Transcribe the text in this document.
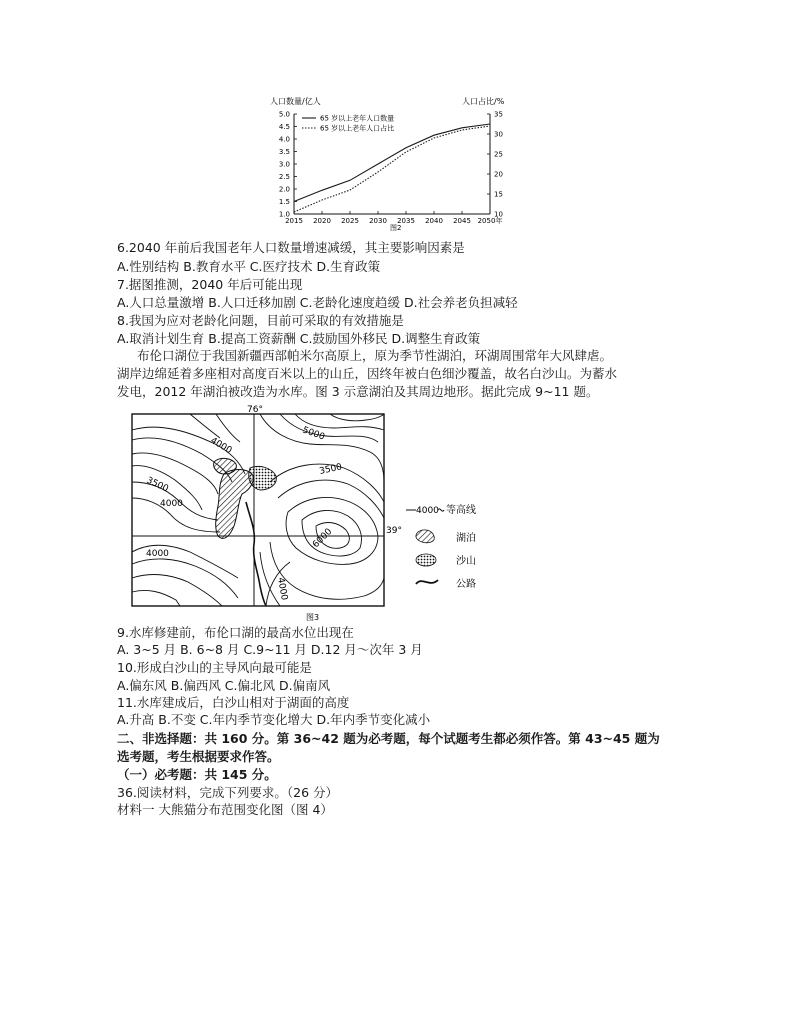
人口数量/亿人	人口占比/%
图2
1.0
1.5
2.0
2.5
3.0
3.5
4.0
4.5
5.0
10
15
20
25
30
35
2015 2020 2025 2030 2035 2040 2045 2050年
65 岁以上老年人口数量
65 岁以上老年人口占比
6.2040 年前后我国老年人口数量增速减缓，其主要影响因素是
A.性别结构 B.教育水平 C.医疗技术 D.生育政策
7.据图推测，2040 年后可能出现
A.人口总量激增 B.人口迁移加剧 C.老龄化速度趋缓 D.社会养老负担减轻
8.我国为应对老龄化问题，目前可采取的有效措施是
A.取消计划生育 B.提高工资薪酬 C.鼓励国外移民 D.调整生育政策
布伦口湖位于我国新疆西部帕米尔高原上，原为季节性湖泊，环湖周围常年大风肆虐。
湖岸边绵延着多座相对高度百米以上的山丘，因终年被白色细沙覆盖，故名白沙山。为蓄水
发电，2012 年湖泊被改造为水库。图 3 示意湖泊及其周边地形。据此完成 9~11 题。
76°
39°
5000
3500
3500
4000
4000
6000
4000
4000
4000 等高线
湖泊
沙山
公路
图3
9.水库修建前，布伦口湖的最高水位出现在
A. 3~5 月 B. 6~8 月 C.9~11 月 D.12 月～次年 3 月
10.形成白沙山的主导风向最可能是
A.偏东风 B.偏西风 C.偏北风 D.偏南风
11.水库建成后，白沙山相对于湖面的高度
A.升高 B.不变 C.年内季节变化增大 D.年内季节变化减小
二、非选择题：共 160 分。第 36~42 题为必考题，每个试题考生都必须作答。第 43~45 题为
选考题，考生根据要求作答。
（一）必考题：共 145 分。
36.阅读材料，完成下列要求。（26 分）
材料一 大熊猫分布范围变化图（图 4）
